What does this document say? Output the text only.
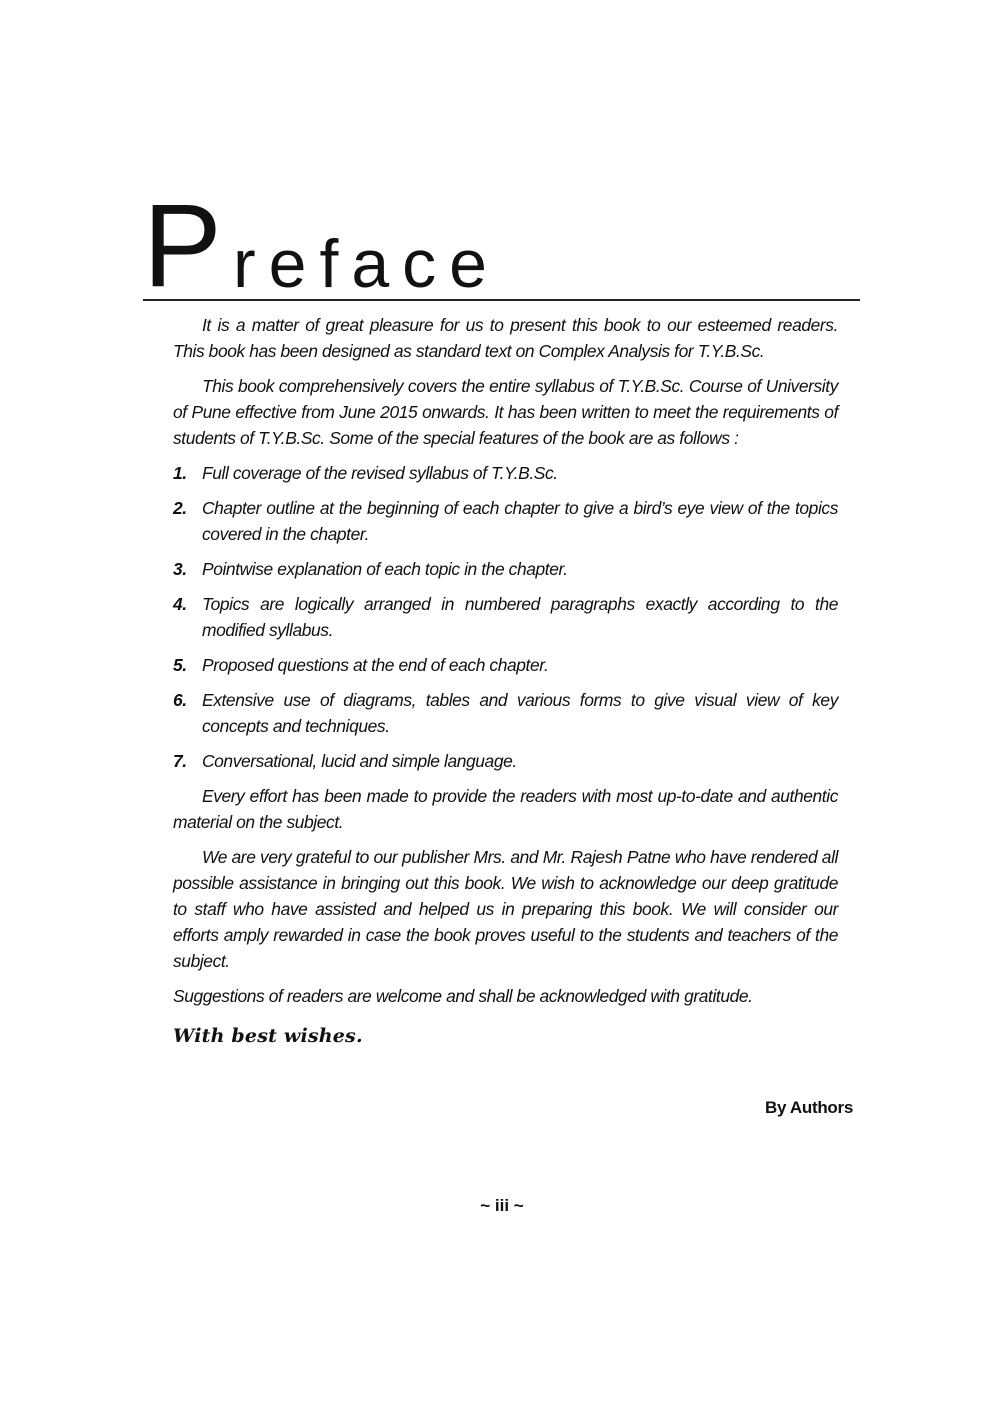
P reface

It is a matter of great pleasure for us to present this book to our esteemed readers. This book has been designed as standard text on Complex Analysis for T.Y.B.Sc.

This book comprehensively covers the entire syllabus of T.Y.B.Sc. Course of University of Pune effective from June 2015 onwards. It has been written to meet the requirements of students of T.Y.B.Sc. Some of the special features of the book are as follows :

1. Full coverage of the revised syllabus of T.Y.B.Sc.
2. Chapter outline at the beginning of each chapter to give a bird’s eye view of the topics covered in the chapter.
3. Pointwise explanation of each topic in the chapter.
4. Topics are logically arranged in numbered paragraphs exactly according to the modified syllabus.
5. Proposed questions at the end of each chapter.
6. Extensive use of diagrams, tables and various forms to give visual view of key concepts and techniques.
7. Conversational, lucid and simple language.

Every effort has been made to provide the readers with most up-to-date and authentic material on the subject.

We are very grateful to our publisher Mrs. and Mr. Rajesh Patne who have rendered all possible assistance in bringing out this book. We wish to acknowledge our deep gratitude to staff who have assisted and helped us in preparing this book. We will consider our efforts amply rewarded in case the book proves useful to the students and teachers of the subject.

Suggestions of readers are welcome and shall be acknowledged with gratitude.

With best wishes.
By Authors
~ iii ~
